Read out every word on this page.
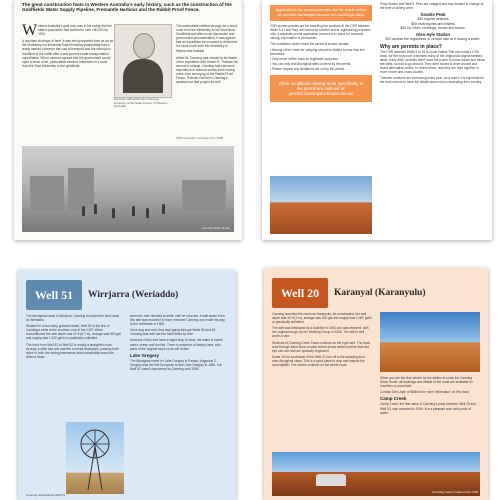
The great construction feats in Western Australia's early history, such as the construction of the Goldfields Water Supply Pipeline, Fremantle Harbour and the Rabbit Proof Fence.
W estern Australia's gold rush was in full swing and the state's population had swelled to over 180,000 by 1901.

A resultant shortage of beef, it was being imported from as far as the Kimberley but influential East Kimberley pastoralists had a ready market. However the cost of transport and the often poor condition of the cattle after a sea journey made transportation unprofitable. When rumours spread that the government would open a stock route, pastoralists became interested in a route from the East Kimberley to the goldfields.

Surveyor Alfred Wernam Canning. Courtesy of the State Library of Western Australia.

The pastoralists lobbied strongly for a stock route from the Kimberley to the Murchison Goldfields and after much discussion and government procrastination, it was agreed that an expedition be mounted to determine if a stock route from the Kimberley to Wiluna was feasible.

Alfred W. Canning was chosen to be leader of the expedition with Hubert S. Trotman his second in charge. Canning had extensive experience in outdoor survey work having come from surveying of the Rabbit Proof Fence. Trotman had been Canning's assistant on that project as well.

CSR Australia's Heritage Tour 2006
Canning Stock Route
Applications for access permits can be made online at: permits.canningstockroute.net.au/#/login.aspx

CSR access permits are for travelling the sections of the CSR between Wells 5-51 and they are issued for tourism and/or sightseeing purposes only. A separate permit application process is in place for research, mining, exploration or production.

The conditions under which the permit is issued include:

• Moving off the track for camping should be limited to less than ten kilometres.

• Only move off the track for legitimate purposes.

• You can only visit Aboriginal sites covered by the permit.

• Please respect any limitations set out by the permit.

Other conditions relating more specifically to the permit are outlined at: permits.canningstockroute.net.au/

Peak Station and Well 5. Fees are charged and may subject to change at the time of writing were:

Granite Peak
$30 regular vehicles
$50 motorcycles and trailers
$40 for Okes, clothings, trucks and buses.
Glen-Ayle Station
$20 access fee regardless of vehicle size or if towing a trailer.
Why are permits in place?

The CSR between Wells 5 to 51 is under Native Title and today's CSR track, for the most part, traverses many of the original Aboriginal families' lands. Early 4WD vehicles didn't have the power to cross dunes and follow the wells, so had to go around. They were forced to drive around and found alternative routes. In recent times, now they are hold together in more recent and cross country.

Traveller numbers are increasing every year. As a result, it is important for the land owners to have full details about who is accessing their country.

Well 51	Wirrjarra (Weriaddo)

The Aboriginal name is Wirrjarra, Canning recorded the well name as Weriaddo.

Situated in a low stony grassed swale, Well 51 is the first of Canning's wells at the southern end of the CSR. When reconditioned the well depth was 22 ft (6.7 m), storage was 500 gal and supply was 1,000 gal/h or practically unlimited.

The track from Well 51 to Well 52 is mostly a straightish road through a wide arid and spinifex covered landscape, passing both sides of both the mining tenements which eventually reach the Wiluna Road.

when the men decided to strike until he returned. A wall sinker from this site was recorded to have removed Canning and made his way to the waterhole in 1906.

Once dug and well, they kept going through Wells 50 and 49. Canning was well used to hard times by then.

Sections of this well have a slight drop in rains, the water is sweet water, sheep and the like. There is evidence of history here, with parts of the original stock route still visible.

Lake Gregory

The Aboriginal name for Lake Gregory is Paraku. Augustus C. Gregory was the first European to see Lake Gregory in 1856, but Well 51 wasn't discovered by Canning until 1906.

Canning Stock Route Well 51
Well 20	Karanyal (Karanyulu)

Canning recorded the name as Karanyulu. As constructed, the well depth was 10 ft (3 m), storage was 200 gal and supply was 1,000 gal/h or practically unlimited.

The well was destroyed by a bushfire in 1983 and was restored, with the original trough, by the Working Group in 2005. The site is well worth a visit.

Sections of Canning Creek Track continue on the right side. The track runs through sand dune country where dunes stretch further than the eye can see and are sparsely vegetated.

Some 16 km southwest of the Well 20 turn off is the camping area near Aboriginal clans. This is a good place to stop and inspect the local wildlife. The stories continue on the whole route.

When you are the first vehicle by the station to cross the Canning Stock Route, all bookings and details of the route are available for travellers to download.

Contact Glen-Ayle or Billiluna for more information on this track.

Camp Creek

Camp Creek, the first camp of Canning's party between Well 19 and Well 20, was recorded in 1906. It is a pleasant spot with pools of water.

Crossing Camp Creek on the CSR
